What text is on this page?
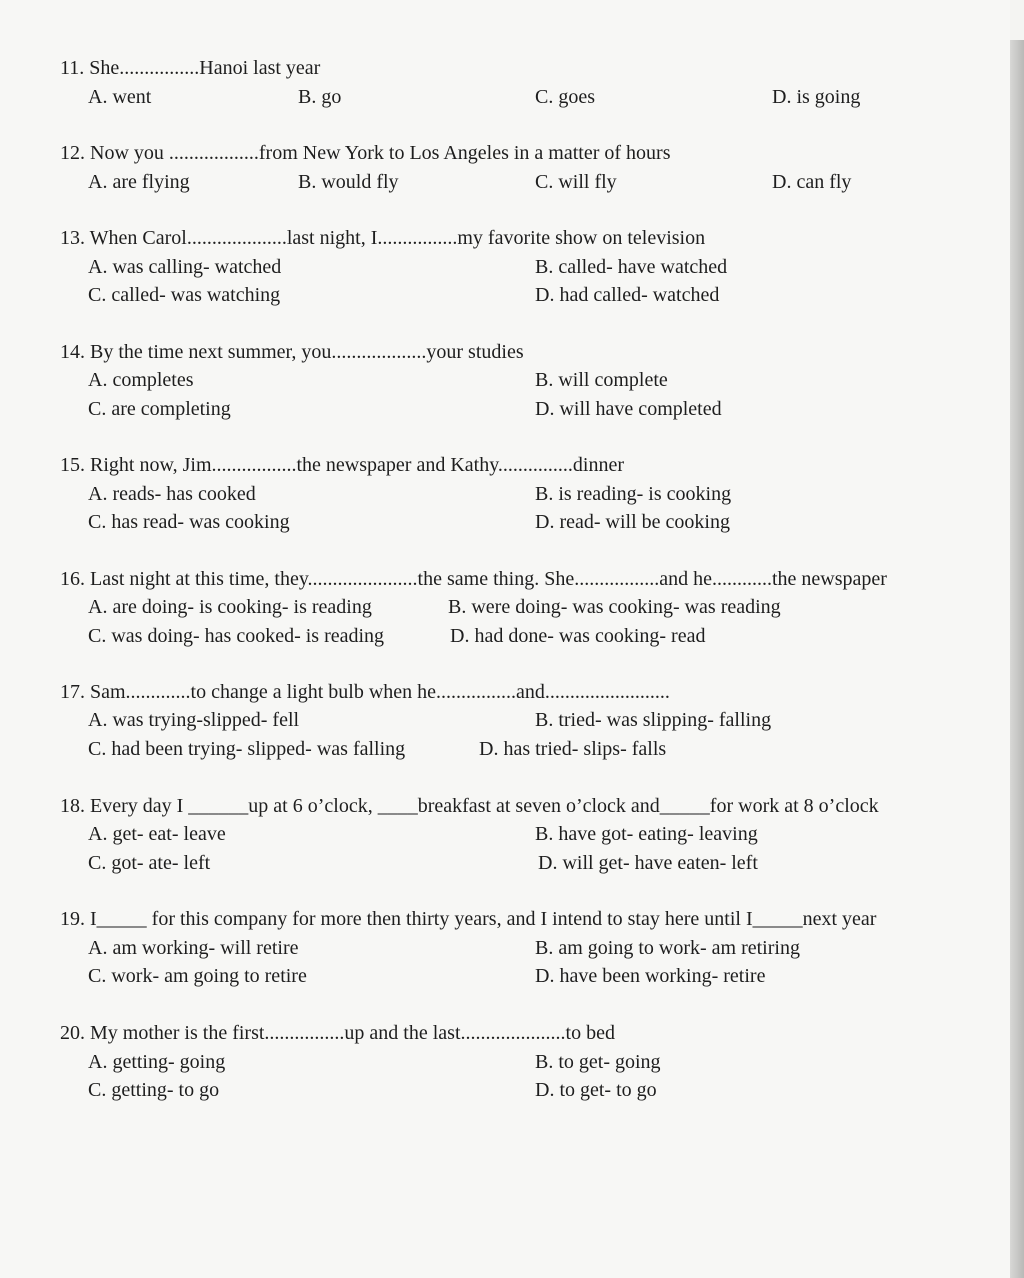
11. She................Hanoi last year
A. went	B. go	C. goes	D. is going
12. Now you ..................from New York to Los Angeles in a matter of hours
A. are flying	B. would fly	C. will fly	D. can fly
13. When Carol....................last night, I................my favorite show on television
A. was calling- watched	B. called- have watched
C. called- was watching	D. had called- watched
14. By the time next summer, you...................your studies
A. completes	B. will complete
C. are completing	D. will have completed
15. Right now, Jim.................the newspaper and Kathy...............dinner
A. reads- has cooked	B. is reading- is cooking
C. has read- was cooking	D. read- will be cooking
16. Last night at this time, they......................the same thing. She.................and he............the newspaper
A. are doing- is cooking- is reading	B. were doing- was cooking- was reading
C. was doing- has cooked- is reading	D. had done- was cooking- read
17. Sam.............to change a light bulb when he................and.........................
A. was trying-slipped- fell	B. tried- was slipping- falling
C. had been trying- slipped- was falling	D. has tried- slips- falls
18. Every day I ______up at 6 o’clock, ____breakfast at seven o’clock and_____for work at 8 o’clock
A. get- eat- leave	B. have got- eating- leaving
C. got- ate- left	D. will get- have eaten- left
19. I_____ for this company for more then thirty years, and I intend to stay here until I_____next year
A. am working- will retire	B. am going to work- am retiring
C. work- am going to retire	D. have been working- retire
20. My mother is the first................up and the last.....................to bed
A. getting- going	B. to get- going
C. getting- to go	D. to get- to go
